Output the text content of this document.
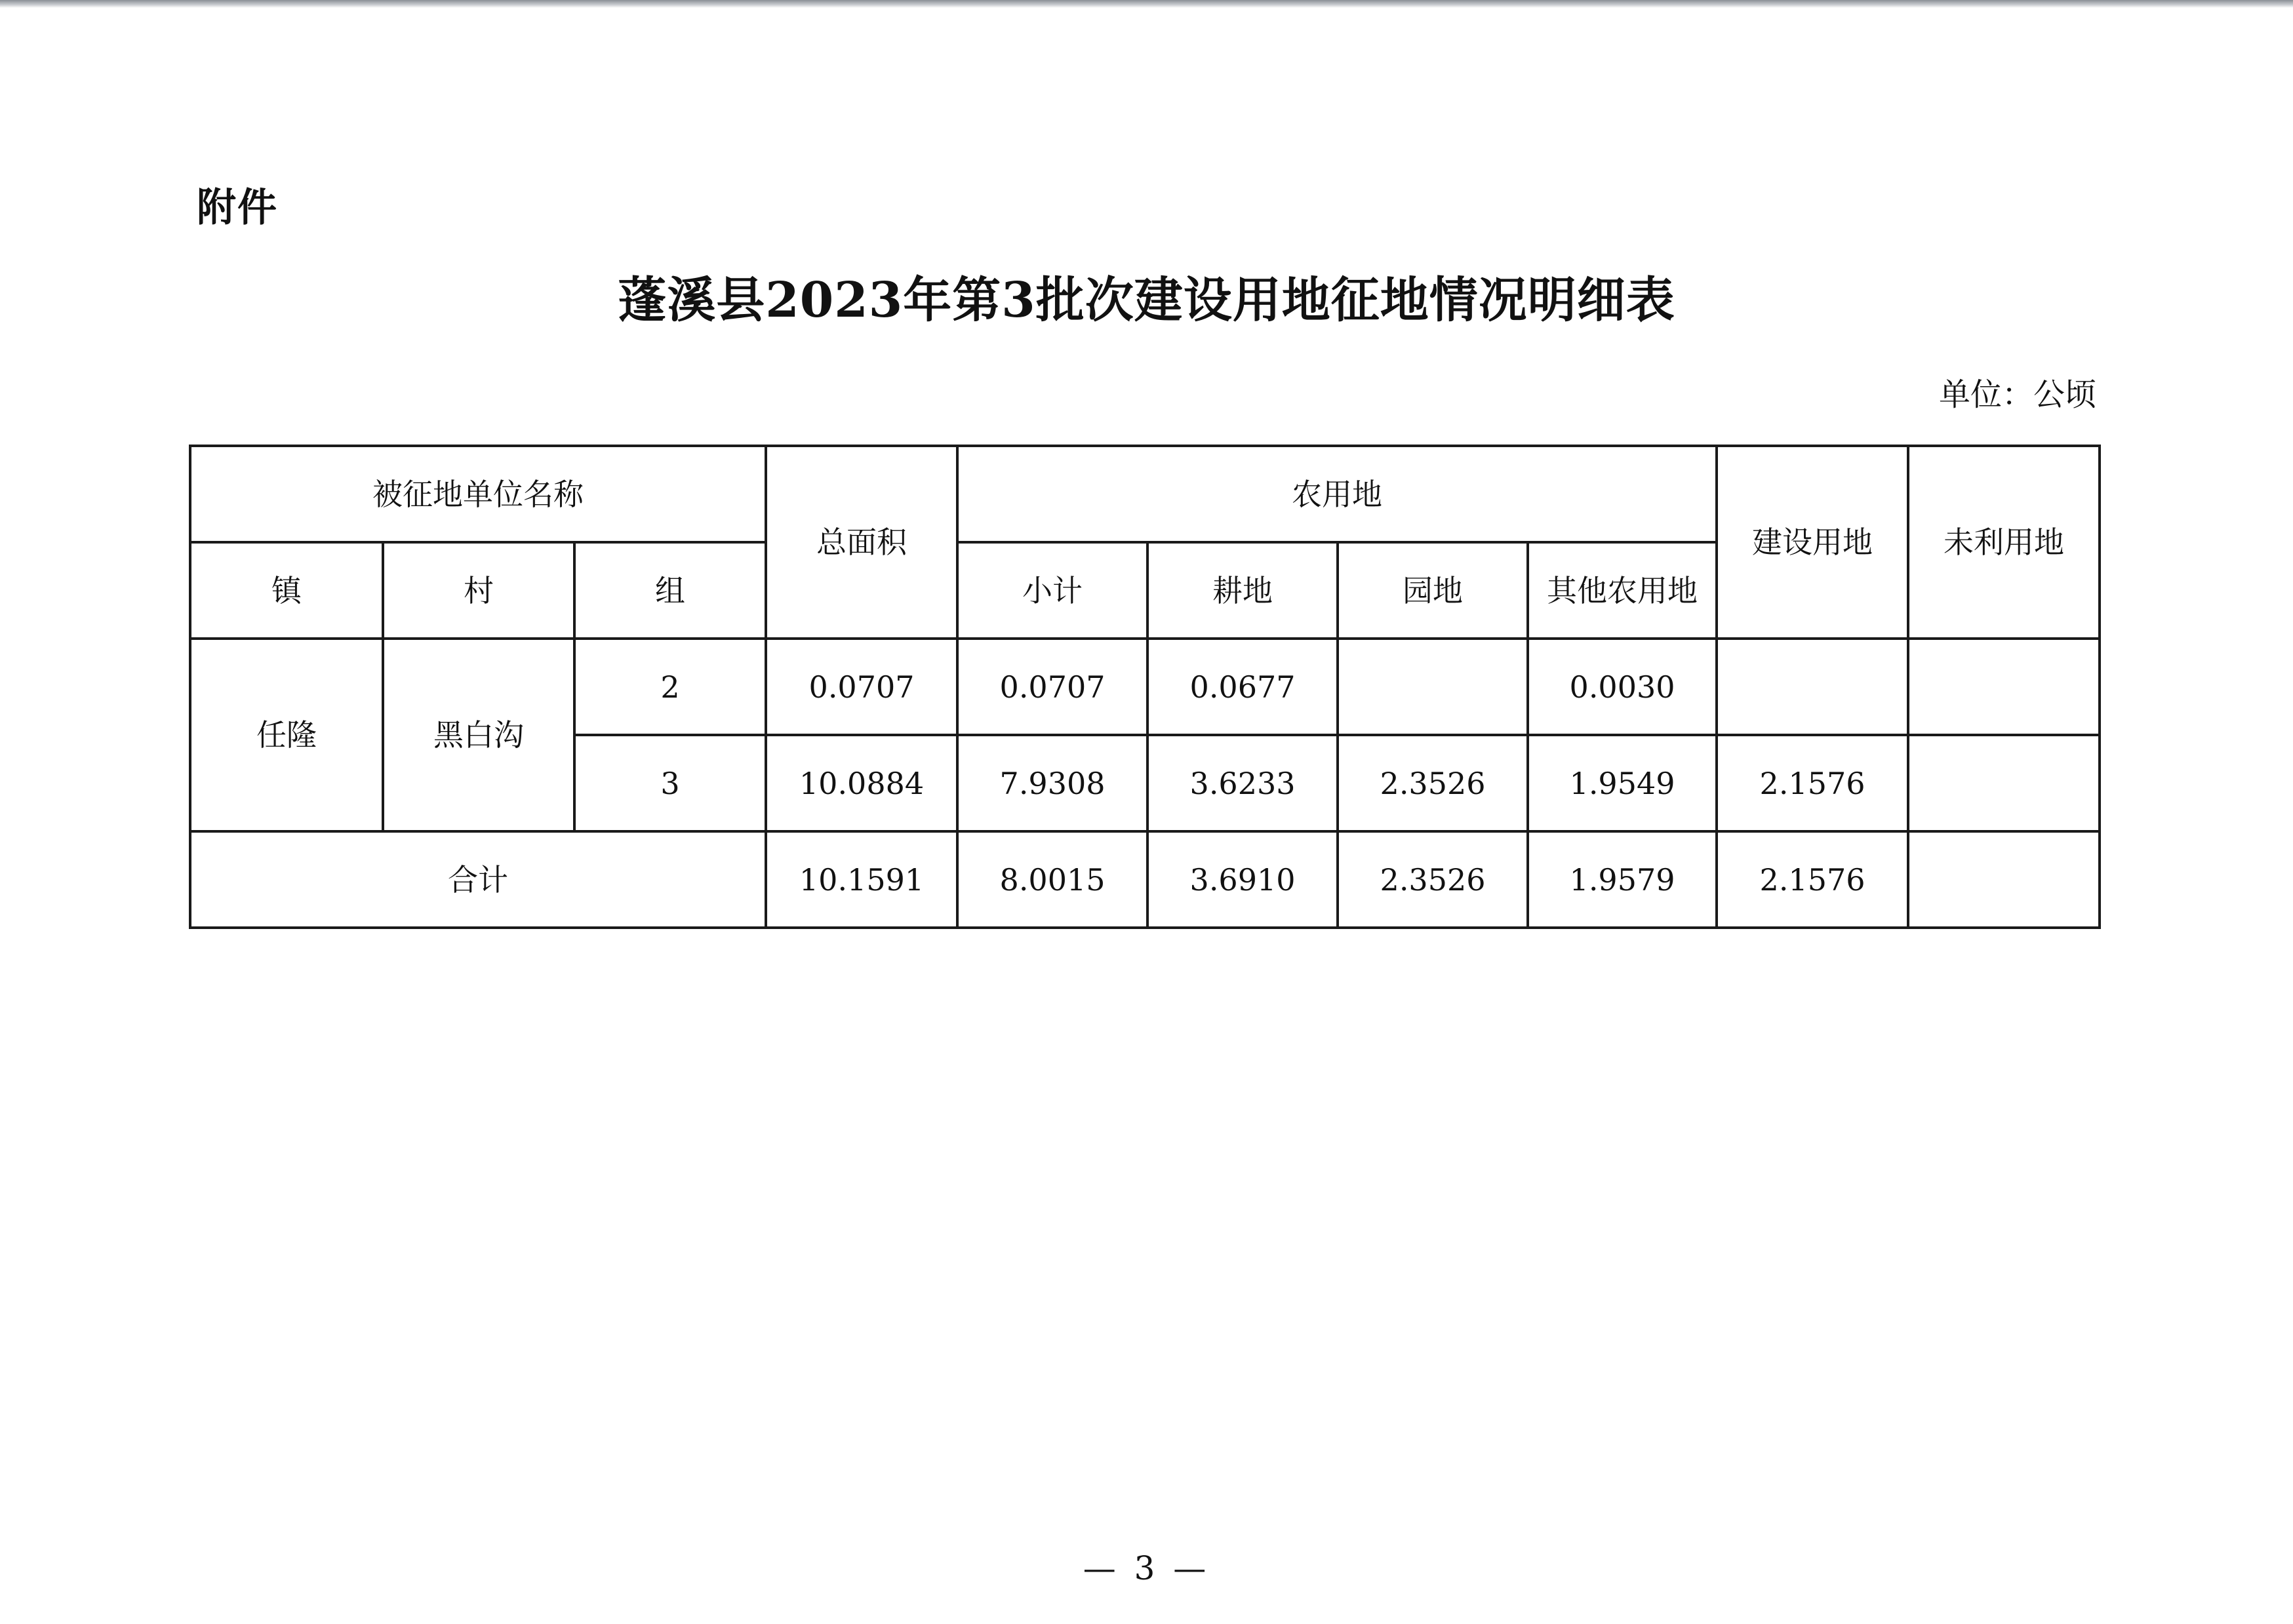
附件
蓬溪县2023年第3批次建设用地征地情况明细表
单位：公顷
被征地单位名称			总面积	农用地				建设用地	未利用地
镇	村	组		小计	耕地	园地	其他农用地		
任隆	黑白沟	2	0.0707	0.0707	0.0677		0.0030		
		3	10.0884	7.9308	3.6233	2.3526	1.9549	2.1576	
合计			10.1591	8.0015	3.6910	2.3526	1.9579	2.1576	
— 3 —
